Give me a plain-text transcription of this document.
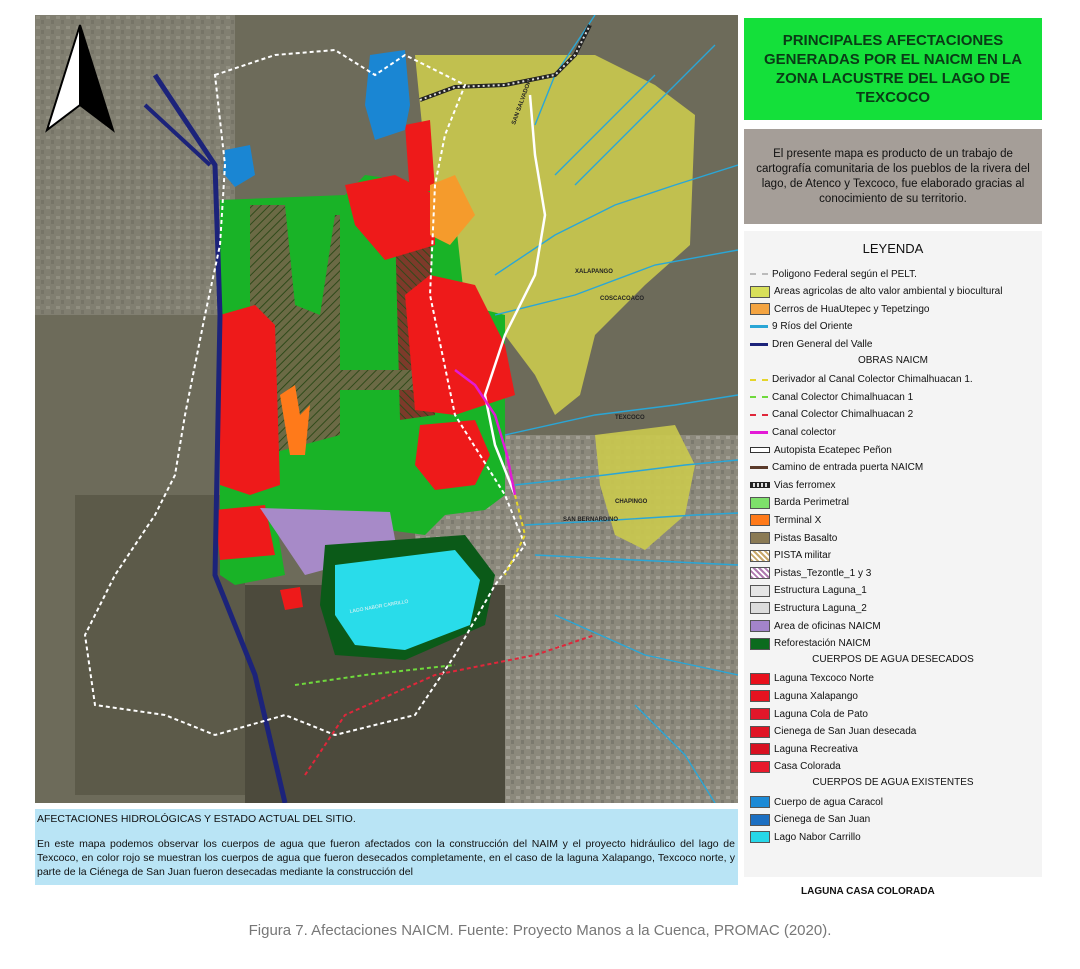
SAN SALVADOR
XALAPANGO
COSCACOACO
TEXCOCO
CHAPINGO
SAN BERNARDINO
LAGO NABOR CARRILLO
PRINCIPALES AFECTACIONES GENERADAS POR EL NAICM EN LA ZONA LACUSTRE DEL LAGO DE TEXCOCO
El presente mapa es producto de un trabajo de cartografía comunitaria de los pueblos de la rivera del lago, de Atenco y Texcoco, fue elaborado gracias al conocimiento de su territorio.
LEYENDA
Poligono Federal según el PELT.
Areas agricolas de alto valor ambiental y biocultural
Cerros de HuaUtepec y Tepetzingo
9 Ríos del Oriente
Dren General del Valle
OBRAS NAICM
Derivador al Canal Colector Chimalhuacan 1.
Canal Colector Chimalhuacan 1
Canal Colector Chimalhuacan 2
Canal colector
Autopista Ecatepec Peñon
Camino de entrada puerta NAICM
Vias ferromex
Barda Perimetral
Terminal X
Pistas Basalto
PISTA militar
Pistas_Tezontle_1 y 3
Estructura Laguna_1
Estructura Laguna_2
Area de oficinas NAICM
Reforestación NAICM
CUERPOS DE AGUA DESECADOS
Laguna Texcoco Norte
Laguna Xalapango
Laguna Cola de Pato
Cienega de San Juan desecada
Laguna Recreativa
Casa Colorada
CUERPOS DE AGUA EXISTENTES
Cuerpo de agua Caracol
Cienega de San Juan
Lago Nabor Carrillo
LAGUNA CASA COLORADA
AFECTACIONES HIDROLÓGICAS Y ESTADO ACTUAL DEL SITIO.
En este mapa podemos observar los cuerpos de agua que fueron afectados con la construcción del NAIM y el proyecto hidráulico del lago de Texcoco, en color rojo se muestran los cuerpos de agua que fueron desecados completamente, en el caso de la laguna Xalapango, Texcoco norte, y parte de la Ciénega de San Juan fueron desecadas mediante la construcción del
Figura 7. Afectaciones NAICM. Fuente: Proyecto Manos a la Cuenca, PROMAC (2020).
